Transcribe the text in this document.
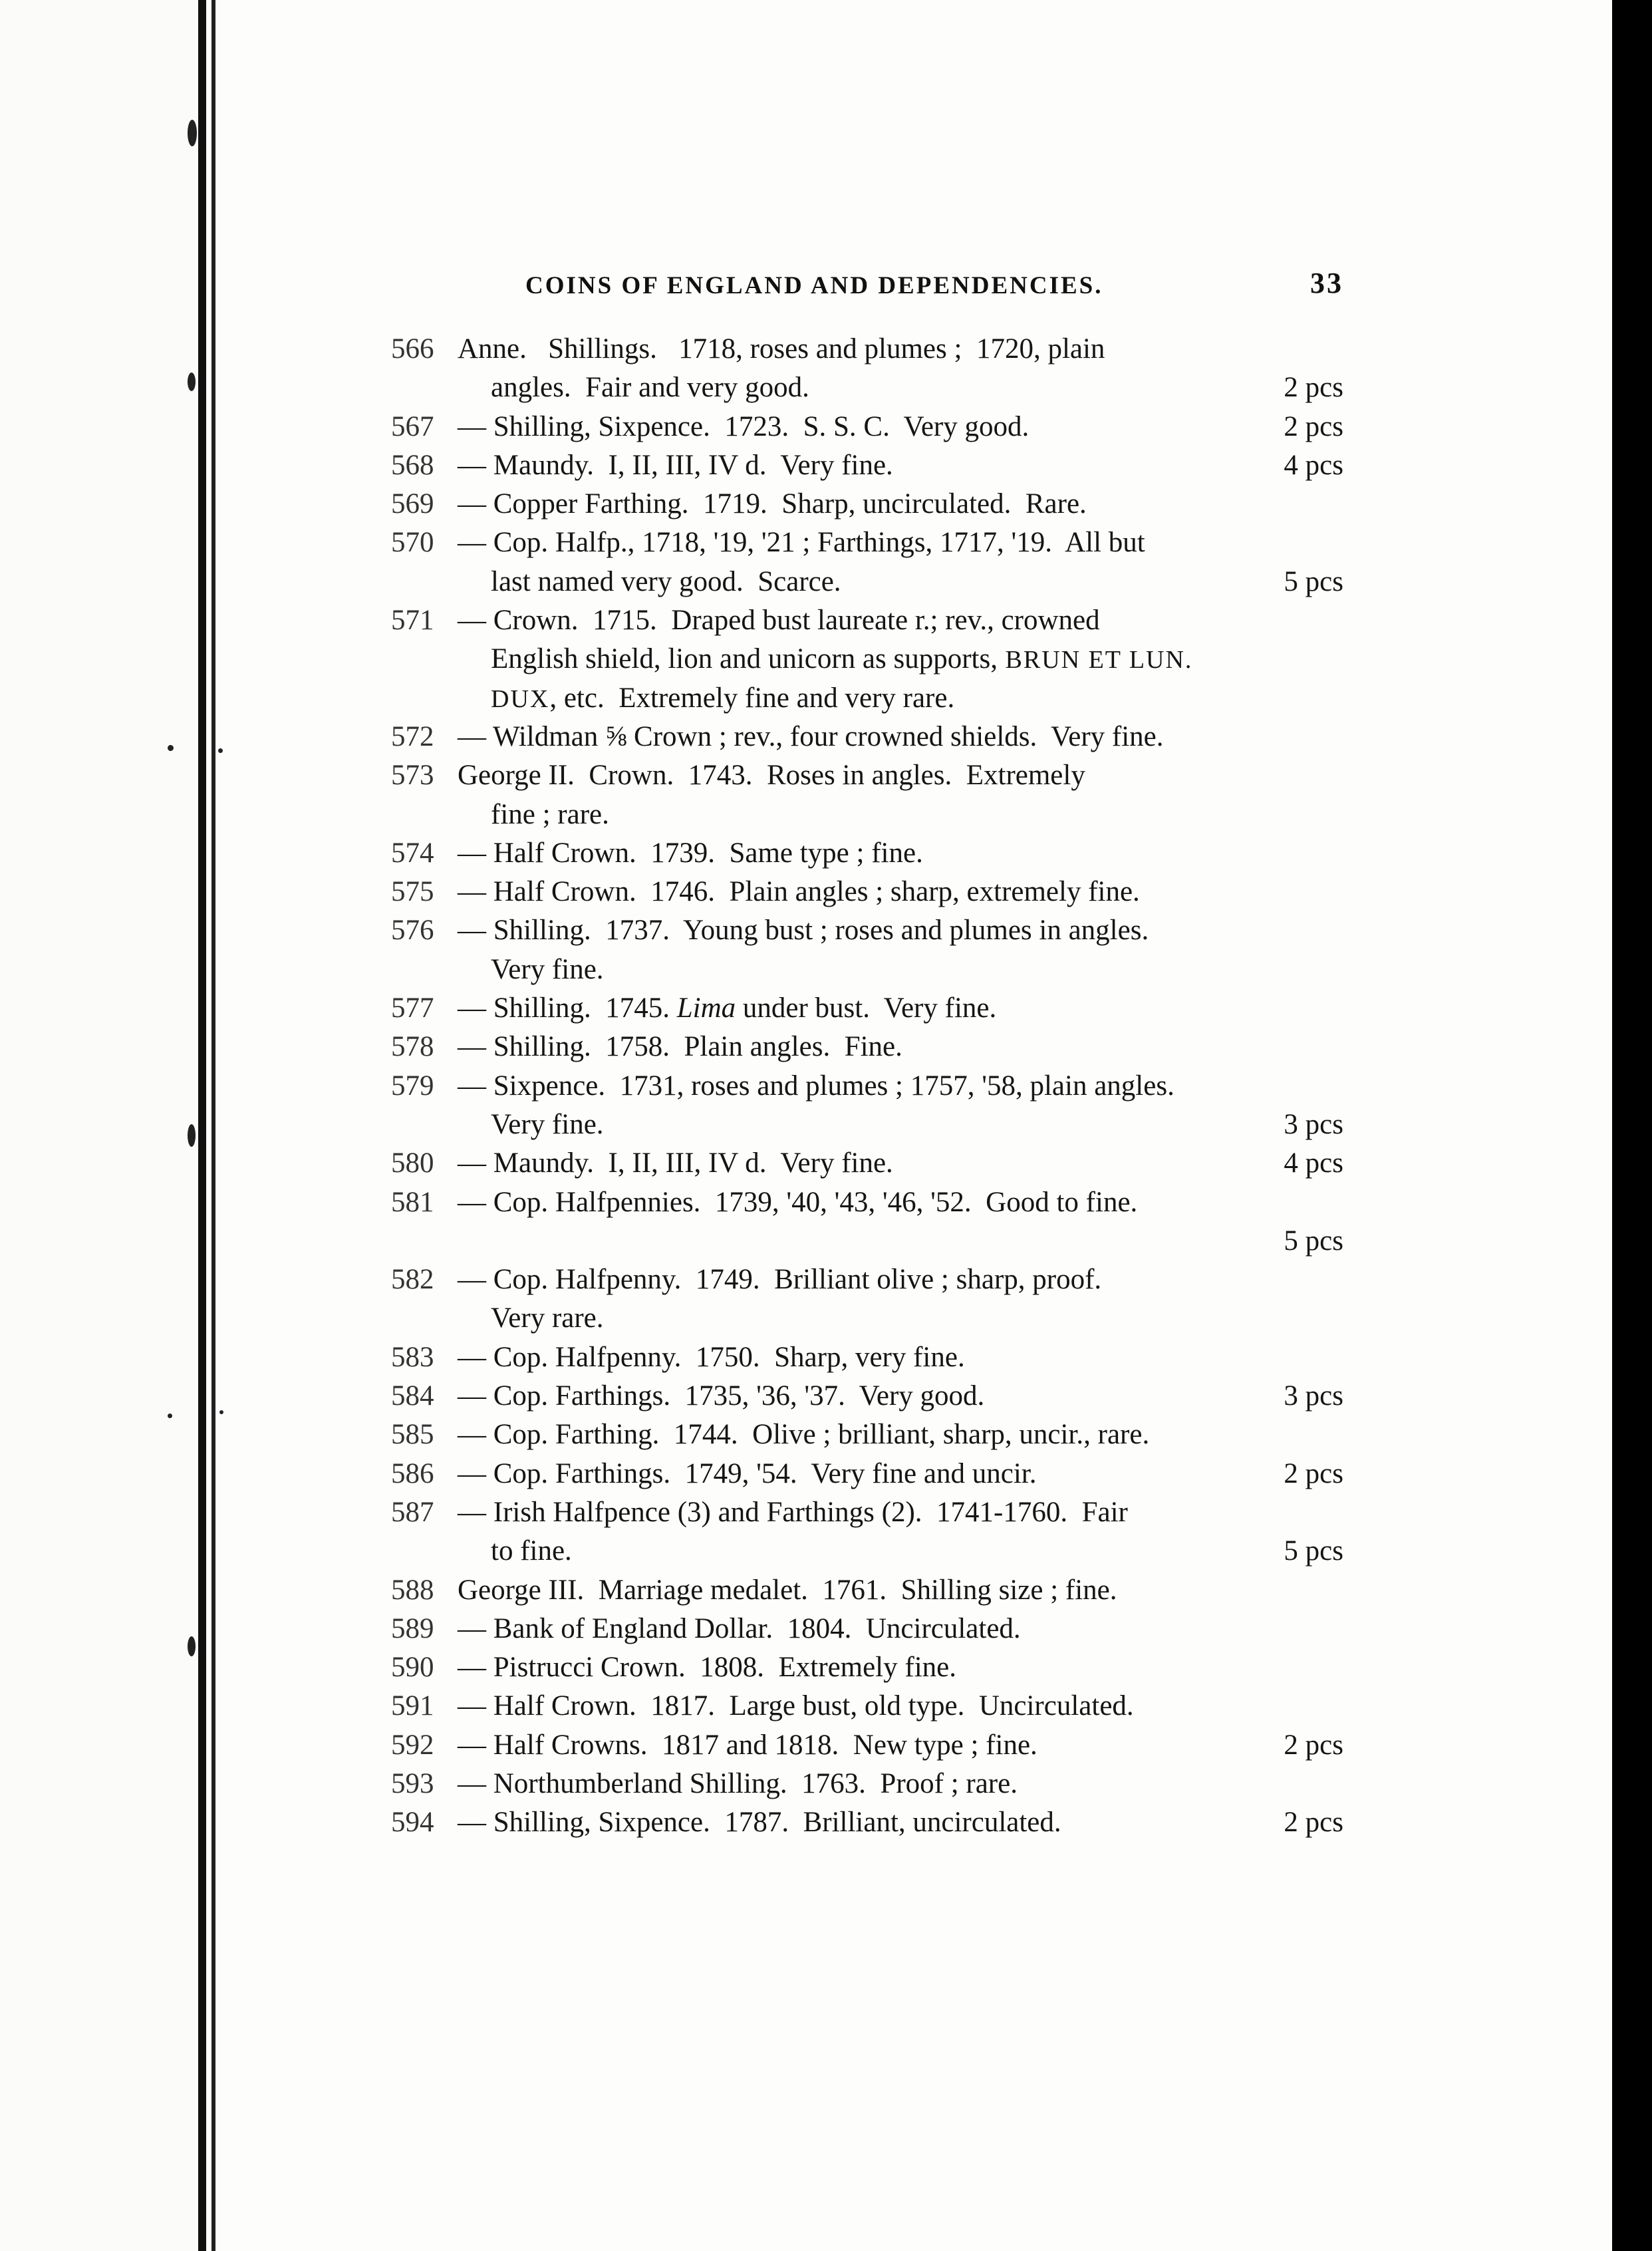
COINS OF ENGLAND AND DEPENDENCIES.	33
566 Anne.   Shillings.   1718, roses and plumes ;  1720, plain
angles.  Fair and very good.	2 pcs
567 — Shilling, Sixpence.  1723.  S. S. C.  Very good.	2 pcs
568 — Maundy.  I, II, III, IV d.  Very fine.	4 pcs
569 — Copper Farthing.  1719.  Sharp, uncirculated.  Rare.
570 — Cop. Halfp., 1718, '19, '21 ; Farthings, 1717, '19.  All but
last named very good.  Scarce.	5 pcs
571 — Crown.  1715.  Draped bust laureate r.; rev., crowned
English shield, lion and unicorn as supports, BRUN ET LUN.
DUX, etc.  Extremely fine and very rare.
572 — Wildman ⅝ Crown ; rev., four crowned shields.  Very fine.
573 George II.  Crown.  1743.  Roses in angles.  Extremely
fine ; rare.
574 — Half Crown.  1739.  Same type ; fine.
575 — Half Crown.  1746.  Plain angles ; sharp, extremely fine.
576 — Shilling.  1737.  Young bust ; roses and plumes in angles.
Very fine.
577 — Shilling.  1745. Lima under bust.  Very fine.
578 — Shilling.  1758.  Plain angles.  Fine.
579 — Sixpence.  1731, roses and plumes ; 1757, '58, plain angles.
Very fine.	3 pcs
580 — Maundy.  I, II, III, IV d.  Very fine.	4 pcs
581 — Cop. Halfpennies.  1739, '40, '43, '46, '52.  Good to fine.
5 pcs
582 — Cop. Halfpenny.  1749.  Brilliant olive ; sharp, proof.
Very rare.
583 — Cop. Halfpenny.  1750.  Sharp, very fine.
584 — Cop. Farthings.  1735, '36, '37.  Very good.	3 pcs
585 — Cop. Farthing.  1744.  Olive ; brilliant, sharp, uncir., rare.
586 — Cop. Farthings.  1749, '54.  Very fine and uncir.	2 pcs
587 — Irish Halfpence (3) and Farthings (2).  1741-1760.  Fair
to fine.	5 pcs
588 George III.  Marriage medalet.  1761.  Shilling size ; fine.
589 — Bank of England Dollar.  1804.  Uncirculated.
590 — Pistrucci Crown.  1808.  Extremely fine.
591 — Half Crown.  1817.  Large bust, old type.  Uncirculated.
592 — Half Crowns.  1817 and 1818.  New type ; fine.	2 pcs
593 — Northumberland Shilling.  1763.  Proof ; rare.
594 — Shilling, Sixpence.  1787.  Brilliant, uncirculated.	2 pcs
